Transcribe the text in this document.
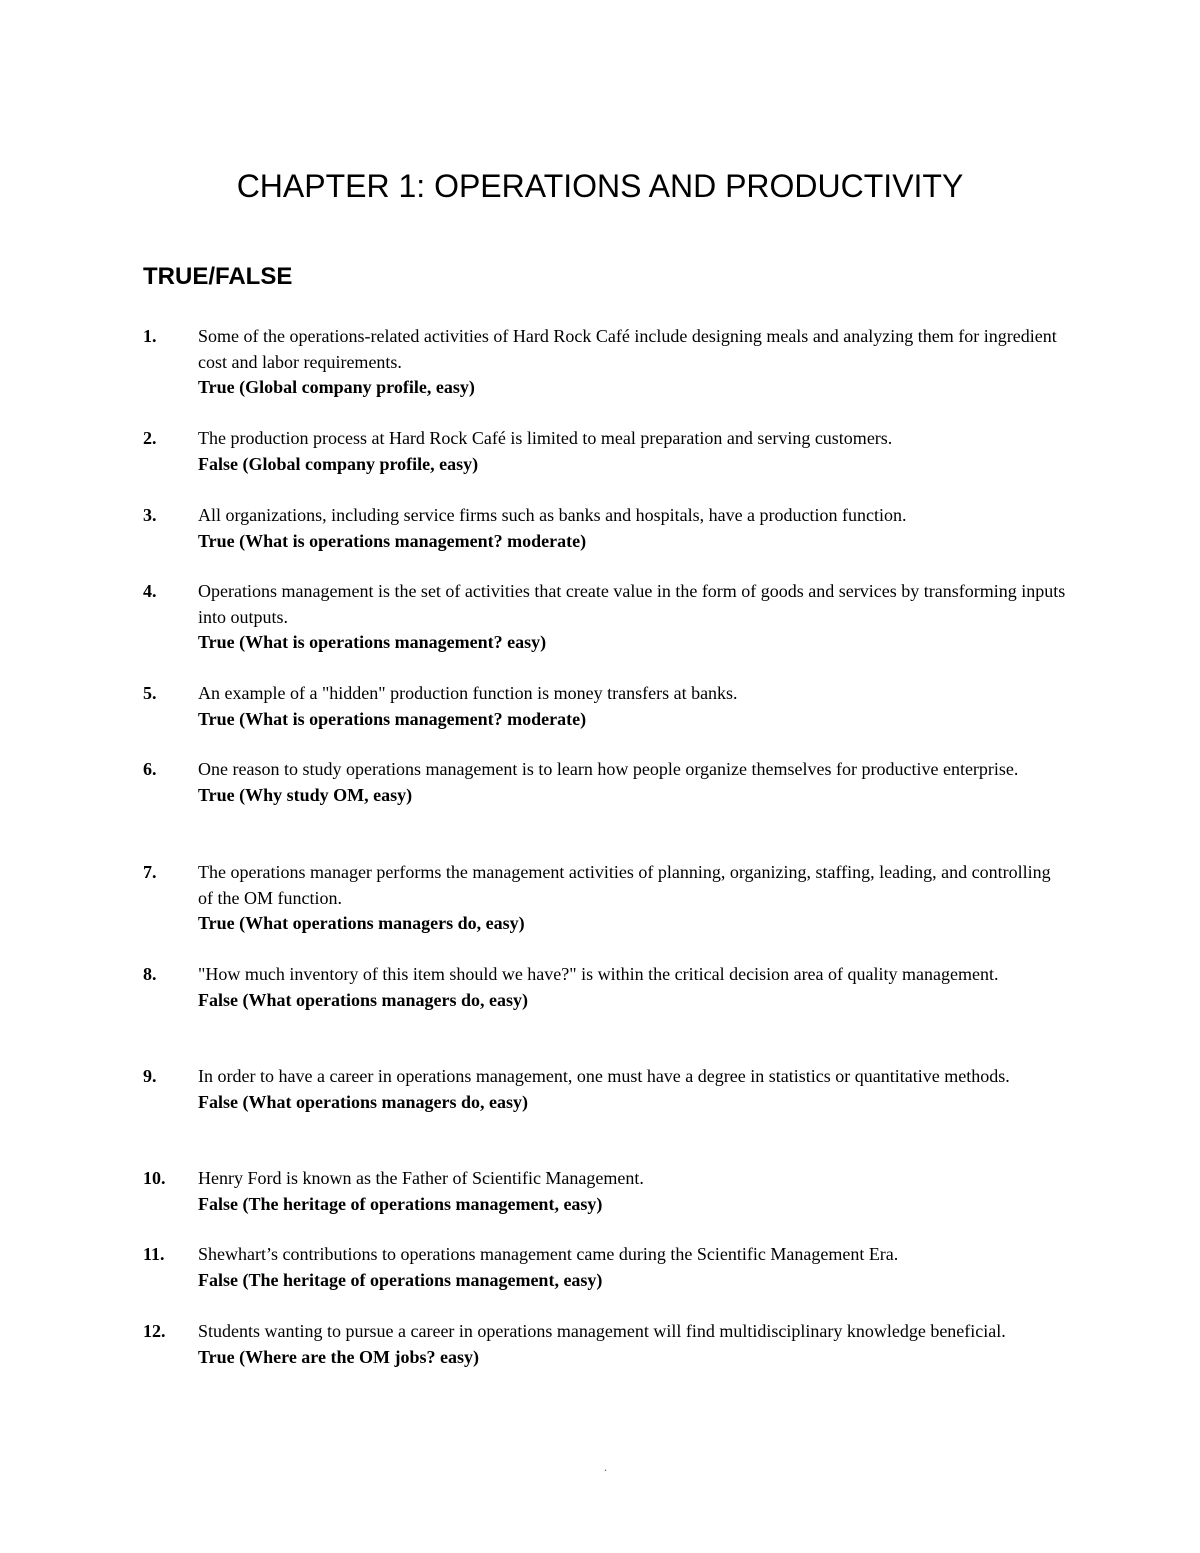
CHAPTER 1: OPERATIONS AND PRODUCTIVITY
TRUE/FALSE
1. Some of the operations-related activities of Hard Rock Café include designing meals and analyzing them for ingredient cost and labor requirements.
True (Global company profile, easy)
2. The production process at Hard Rock Café is limited to meal preparation and serving customers.
False (Global company profile, easy)
3. All organizations, including service firms such as banks and hospitals, have a production function.
True (What is operations management? moderate)
4. Operations management is the set of activities that create value in the form of goods and services by transforming inputs into outputs.
True (What is operations management? easy)
5. An example of a "hidden" production function is money transfers at banks.
True (What is operations management? moderate)
6. One reason to study operations management is to learn how people organize themselves for productive enterprise.
True (Why study OM, easy)
7. The operations manager performs the management activities of planning, organizing, staffing, leading, and controlling of the OM function.
True (What operations managers do, easy)
8. "How much inventory of this item should we have?" is within the critical decision area of quality management.
False (What operations managers do, easy)
9. In order to have a career in operations management, one must have a degree in statistics or quantitative methods.
False (What operations managers do, easy)
10. Henry Ford is known as the Father of Scientific Management.
False (The heritage of operations management, easy)
11. Shewhart’s contributions to operations management came during the Scientific Management Era.
False (The heritage of operations management, easy)
12. Students wanting to pursue a career in operations management will find multidisciplinary knowledge beneficial.
True (Where are the OM jobs? easy)
.
